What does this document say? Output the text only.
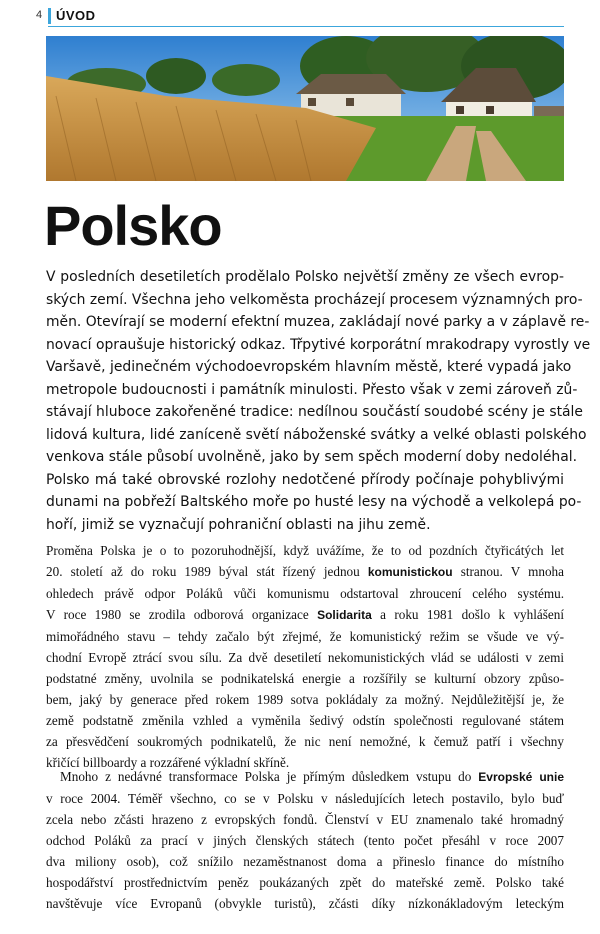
4 ÚVOD
Polsko
V posledních desetiletích prodělalo Polsko největší změny ze všech evrop-
ských zemí. Všechna jeho velkoměsta procházejí procesem významných pro-
měn. Otevírají se moderní efektní muzea, zakládají nové parky a v záplavě re-
novací opraušuje historický odkaz. Třpytivé korporátní mrakodrapy vyrostly ve
Varšavě, jedinečném východoevropském hlavním městě, které vypadá jako
metropole budoucnosti i památník minulosti. Přesto však v zemi zároveň zů-
stávají hluboce zakořeněné tradice: nedílnou součástí soudobé scény je stále
lidová kultura, lidé zaníceně světí náboženské svátky a velké oblasti polského
venkova stále působí uvolněně, jako by sem spěch moderní doby nedoléhal.
Polsko má také obrovské rozlohy nedotčené přírody počínaje pohyblivými
dunami na pobřeží Baltského moře po husté lesy na východě a velkolepá po-
hoří, jimiž se vyznačují pohraniční oblasti na jihu země.
Proměna Polska je o to pozoruhodnější, když uvážíme, že to od pozdních čtyřicátých let
20. století až do roku 1989 býval stát řízený jednou komunistickou stranou. V mnoha
ohledech právě odpor Poláků vůči komunismu odstartoval zhroucení celého systému.
V roce 1980 se zrodila odborová organizace Solidarita a roku 1981 došlo k vyhlášení
mimořádného stavu – tehdy začalo být zřejmé, že komunistický režim se všude ve vý-
chodní Evropě ztrácí svou sílu. Za dvě desetiletí nekomunistických vlád se události v zemi
podstatné změny, uvolnila se podnikatelská energie a rozšířily se kulturní obzory způso-
bem, jaký by generace před rokem 1989 sotva pokládaly za možný. Nejdůležitější je, že
země podstatně změnila vzhled a vyměnila šedivý odstín společnosti regulované státem
za přesvědčení soukromých podnikatelů, že nic není nemožné, k čemuž patří i všechny
křičící billboardy a rozzářené výkladní skříně.
Mnoho z nedávné transformace Polska je přímým důsledkem vstupu do Evropské unie
v roce 2004. Téměř všechno, co se v Polsku v následujících letech postavilo, bylo buď
zcela nebo zčásti hrazeno z evropských fondů. Členství v EU znamenalo také hromadný
odchod Poláků za prací v jiných členských státech (tento počet přesáhl v roce 2007
dva miliony osob), což snížilo nezaměstnanost doma a přineslo finance do místního
hospodářství prostřednictvím peněz poukázaných zpět do mateřské země. Polsko také
navštěvuje více Evropanů (obvykle turistů), zčásti díky nízkonákladovým leteckým
